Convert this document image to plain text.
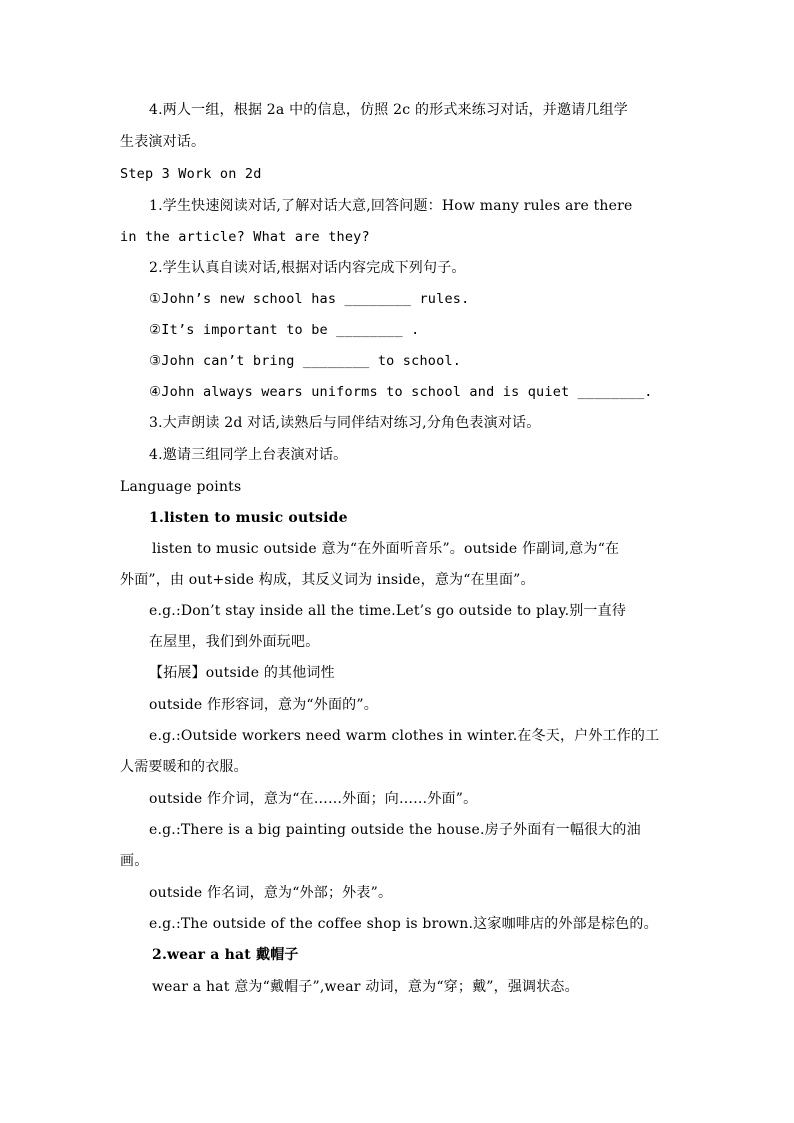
4.两人一组，根据 2a 中的信息，仿照 2c 的形式来练习对话，并邀请几组学
生表演对话。
Step 3 Work on 2d
1.学生快速阅读对话,了解对话大意,回答问题：How many rules are there
in the article? What are they?
2.学生认真自读对话,根据对话内容完成下列句子。
①John’s new school has ________ rules.
②It’s important to be ________ .
③John can’t bring ________ to school.
④John always wears uniforms to school and is quiet ________.
3.大声朗读 2d 对话,读熟后与同伴结对练习,分角色表演对话。
4.邀请三组同学上台表演对话。
Language points
1.listen to music outside
listen to music outside 意为“在外面听音乐”。outside 作副词,意为“在
外面”，由 out+side 构成，其反义词为 inside，意为“在里面”。
e.g.:Don’t stay inside all the time.Let’s go outside to play.别一直待
在屋里，我们到外面玩吧。
【拓展】outside 的其他词性
outside 作形容词，意为“外面的”。
e.g.:Outside workers need warm clothes in winter.在冬天，户外工作的工
人需要暖和的衣服。
outside 作介词，意为“在……外面；向……外面”。
e.g.:There is a big painting outside the house.房子外面有一幅很大的油
画。
outside 作名词，意为“外部；外表”。
e.g.:The outside of the coffee shop is brown.这家咖啡店的外部是棕色的。
2.wear a hat 戴帽子
wear a hat 意为“戴帽子”,wear 动词，意为“穿；戴”，强调状态。
